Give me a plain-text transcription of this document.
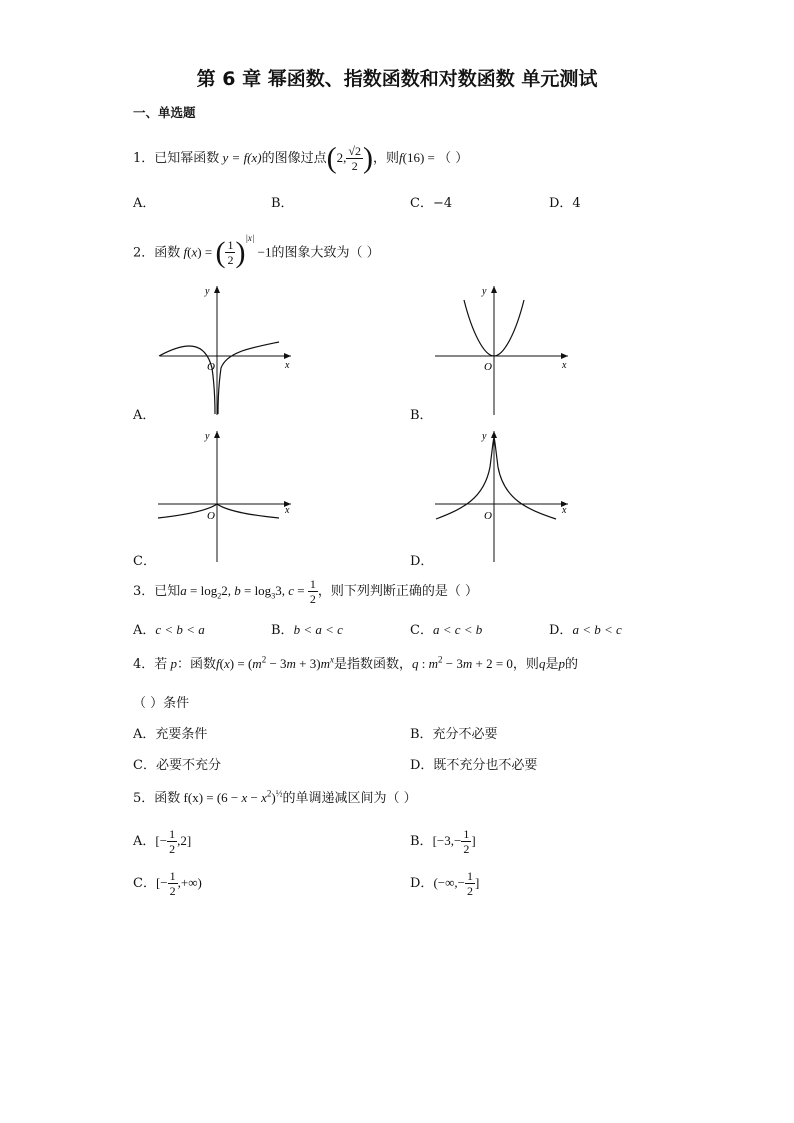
第 6 章 幂函数、指数函数和对数函数 单元测试
一、单选题
1．已知幂函数 y = f(x)的图像过点(2, $\frac{√2}{2}$ )，则f(16) = （ ）
A．	B．	C．−4	D．4
2．函数 f(x) = ( $\frac{1}{2} )^{|x|} -1$的图象大致为（ ）
x
y
O
A．
x
y
O
B．
x
y
O
C．
x
y
O
D．
3．已知$a = \log_22$, $b = \log_33$, $c = \frac{1}{2}$ ，则下列判断正确的是（ ）
A．c < b < a	B．b < a < c	C．a < c < b	D．a < b < c
4．若 p：函数$f(x) = (m^2 - 3m + 3)m^x$是指数函数，q : $m^2 - 3m + 2 = 0$，则q是p的
（ ）条件
A．充要条件	B．充分不必要
C．必要不充分	D．既不充分也不必要
5．函数 $f(x) = (6 - x - x^2)^{\frac{1}{2}}$的单调递减区间为（ ）
A．[− $\frac{1}{2} ,2$]	B．[$-3,- \frac{1}{2}$ ]
C．[− $\frac{1}{2}$ ,+∞)	D．(−∞,− $\frac{1}{2}$ ]
